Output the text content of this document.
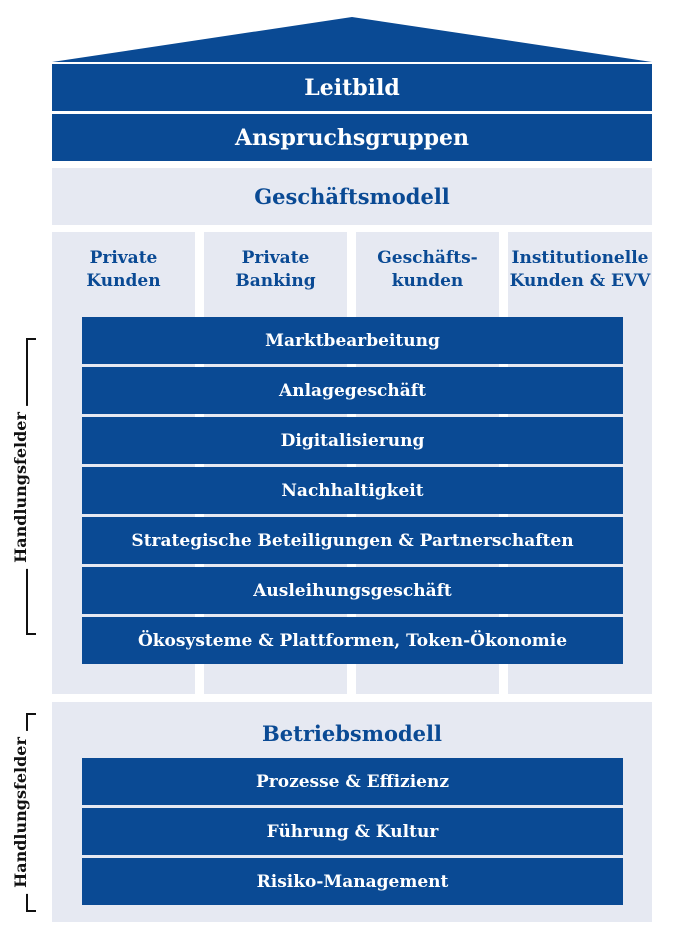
Leitbild
Anspruchsgruppen
Geschäftsmodell
Private
Kunden
Private
Banking
Geschäfts-
kunden
Institutionelle
Kunden & EVV
Marktbearbeitung
Anlagegeschäft
Digitalisierung
Nachhaltigkeit
Strategische Beteiligungen & Partnerschaften
Ausleihungsgeschäft
Ökosysteme & Plattformen, Token-Ökonomie
Handlungsfelder
Betriebsmodell
Prozesse & Effizienz
Führung & Kultur
Risiko-Management
Handlungsfelder
